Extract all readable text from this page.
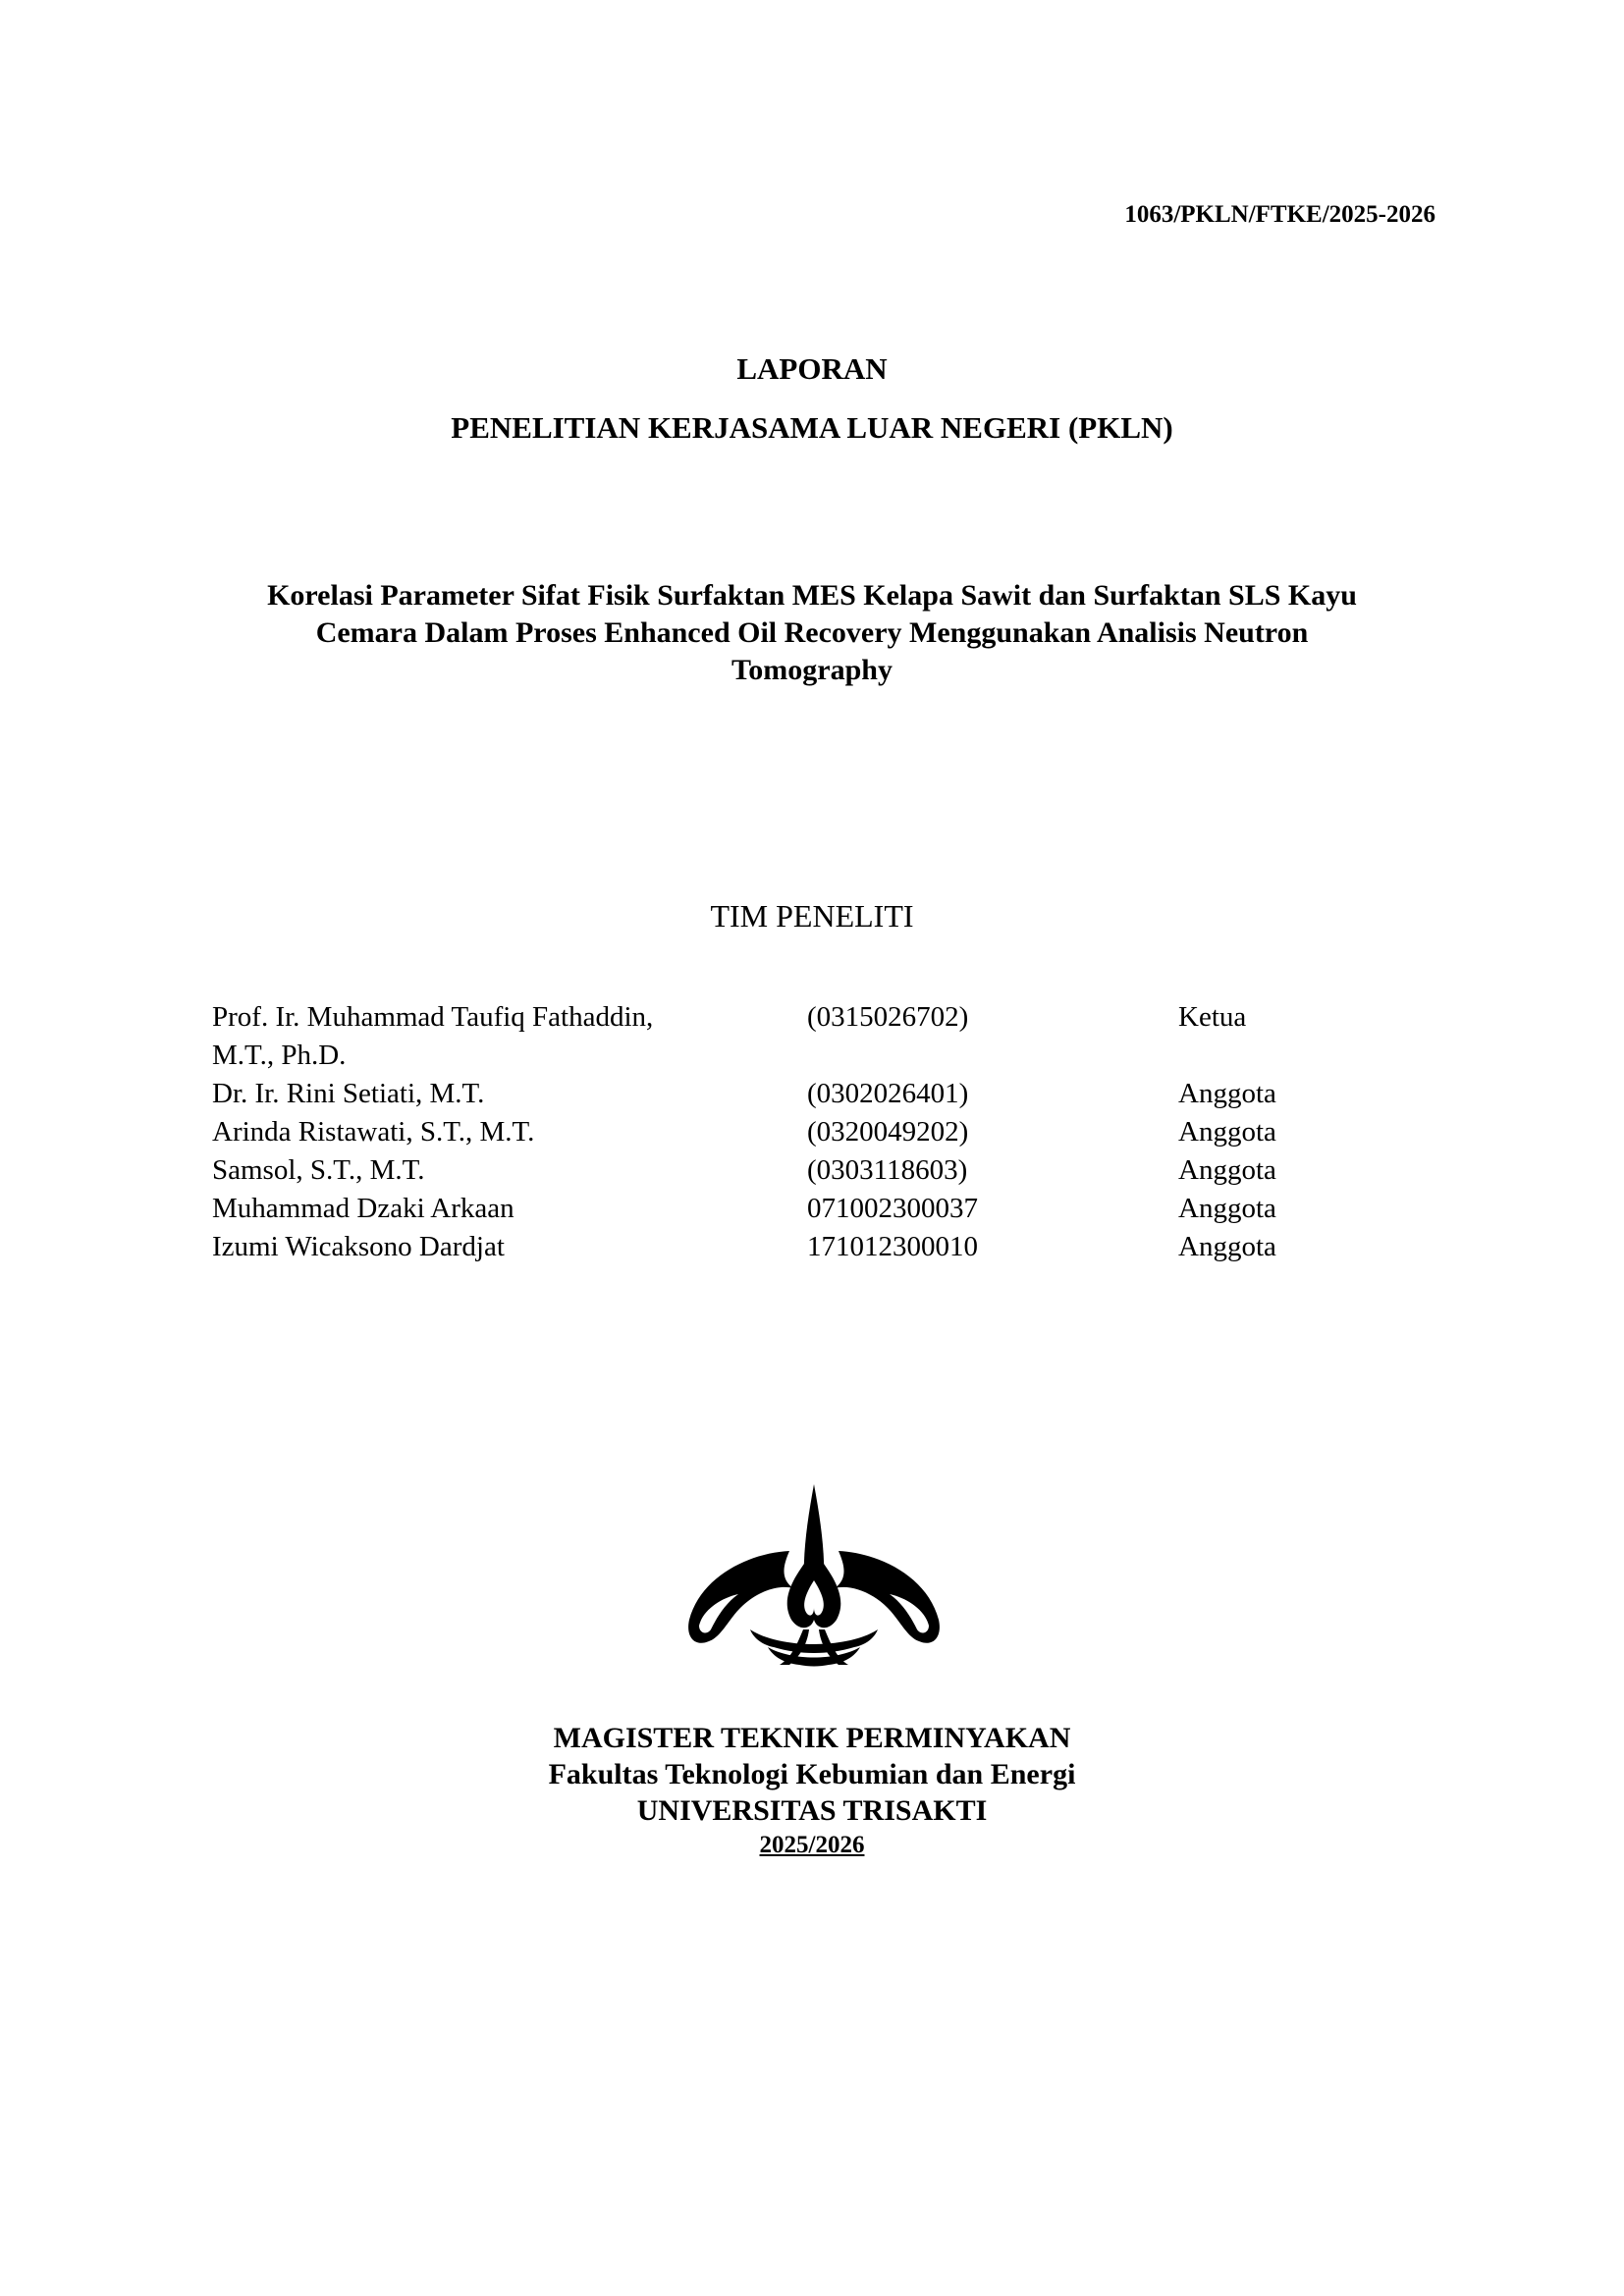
1063/PKLN/FTKE/2025-2026
LAPORAN
PENELITIAN KERJASAMA LUAR NEGERI (PKLN)
Korelasi Parameter Sifat Fisik Surfaktan MES Kelapa Sawit dan Surfaktan SLS Kayu
Cemara Dalam Proses Enhanced Oil Recovery Menggunakan Analisis Neutron
Tomography
TIM PENELITI
Prof. Ir. Muhammad Taufiq Fathaddin,	(0315026702)	Ketua
M.T., Ph.D.		
Dr. Ir. Rini Setiati, M.T.	(0302026401)	Anggota
Arinda Ristawati, S.T., M.T.	(0320049202)	Anggota
Samsol, S.T., M.T.	(0303118603)	Anggota
Muhammad Dzaki Arkaan	071002300037	Anggota
Izumi Wicaksono Dardjat	171012300010	Anggota
MAGISTER TEKNIK PERMINYAKAN
Fakultas Teknologi Kebumian dan Energi
UNIVERSITAS TRISAKTI
2025/2026
